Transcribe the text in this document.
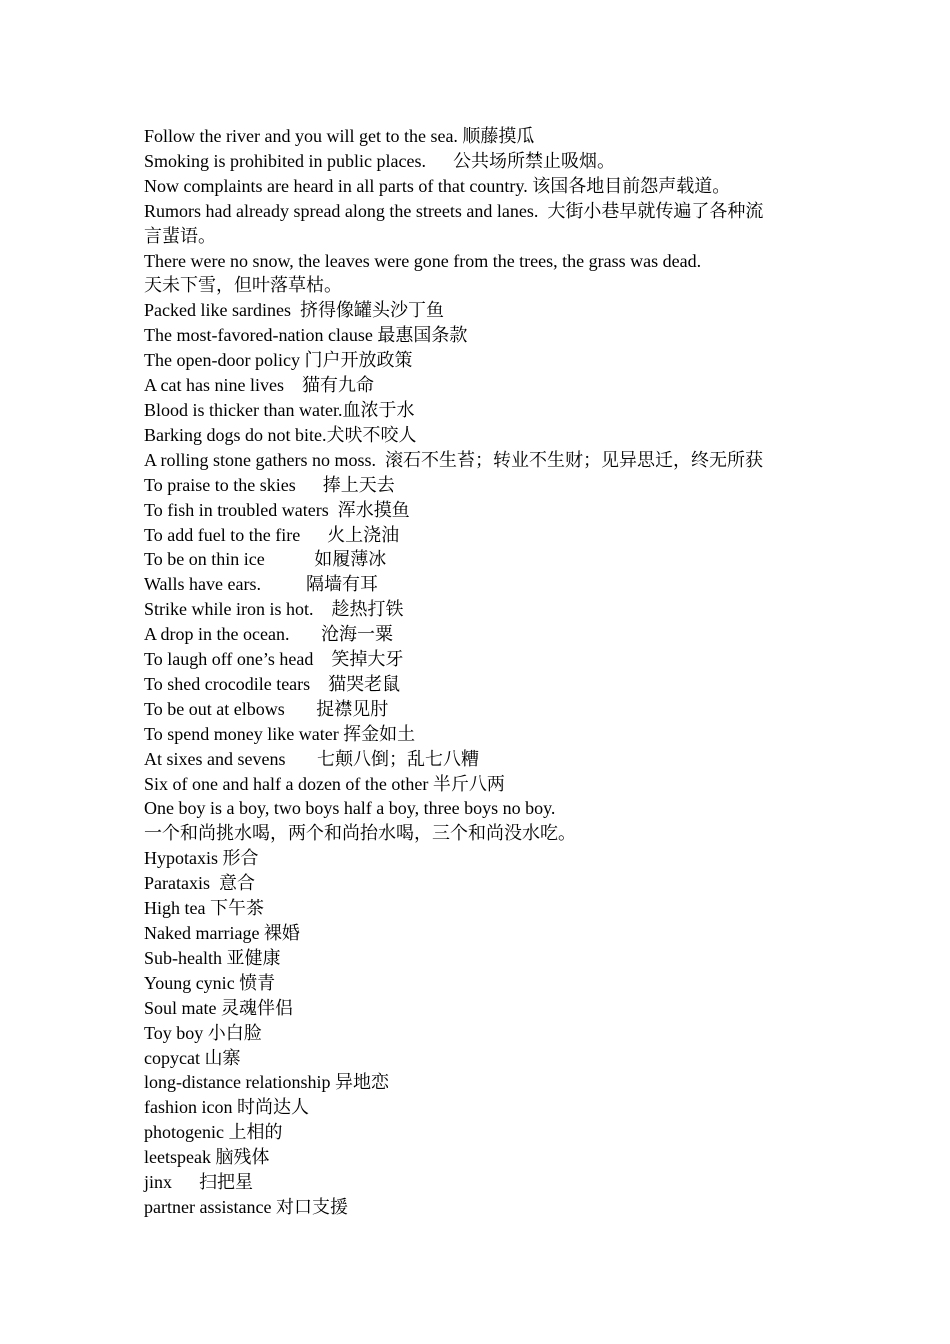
Follow the river and you will get to the sea. 顺藤摸瓜

Smoking is prohibited in public places.      公共场所禁止吸烟。

Now complaints are heard in all parts of that country. 该国各地目前怨声载道。

Rumors had already spread along the streets and lanes.  大街小巷早就传遍了各种流

言蜚语。

There were no snow, the leaves were gone from the trees, the grass was dead.

天未下雪，但叶落草枯。

Packed like sardines  挤得像罐头沙丁鱼

The most-favored-nation clause 最惠国条款

The open-door policy 门户开放政策

A cat has nine lives    猫有九命

Blood is thicker than water.血浓于水

Barking dogs do not bite.犬吠不咬人

A rolling stone gathers no moss.  滚石不生苔；转业不生财；见异思迁，终无所获

To praise to the skies      捧上天去

To fish in troubled waters  浑水摸鱼

To add fuel to the fire      火上浇油

To be on thin ice           如履薄冰

Walls have ears.          隔墙有耳

Strike while iron is hot.    趁热打铁

A drop in the ocean.       沧海一粟

To laugh off one’s head    笑掉大牙

To shed crocodile tears    猫哭老鼠

To be out at elbows       捉襟见肘

To spend money like water 挥金如土

At sixes and sevens       七颠八倒；乱七八糟

Six of one and half a dozen of the other 半斤八两

One boy is a boy, two boys half a boy, three boys no boy.

一个和尚挑水喝，两个和尚抬水喝，三个和尚没水吃。

Hypotaxis 形合

Parataxis  意合

High tea 下午茶

Naked marriage 裸婚

Sub-health 亚健康

Young cynic 愤青

Soul mate 灵魂伴侣

Toy boy 小白脸

copycat 山寨

long-distance relationship 异地恋

fashion icon 时尚达人

photogenic 上相的

leetspeak 脑残体

jinx      扫把星

partner assistance 对口支援
